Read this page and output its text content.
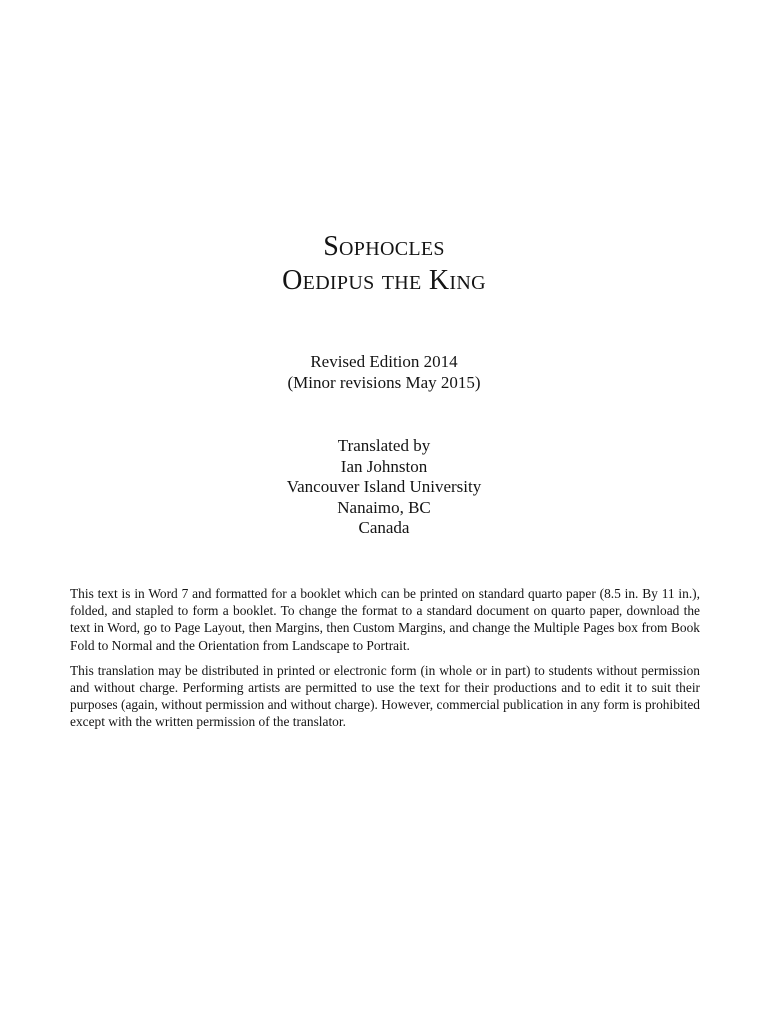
Sophocles

Oedipus the King

Revised Edition 2014
(Minor revisions May 2015)
Translated by
Ian Johnston
Vancouver Island University
Nanaimo, BC
Canada

This text is in Word 7 and formatted for a booklet which can be printed on standard quarto paper (8.5 in. By 11 in.), folded, and stapled to form a booklet. To change the format to a standard document on quarto paper, download the text in Word, go to Page Layout, then Margins, then Custom Margins, and change the Multiple Pages box from Book Fold to Normal and the Orientation from Landscape to Portrait.

This translation may be distributed in printed or electronic form (in whole or in part) to students without permission and without charge. Performing artists are permitted to use the text for their productions and to edit it to suit their purposes (again, without permission and without charge). However, commercial publication in any form is prohibited except with the written permission of the translator.
